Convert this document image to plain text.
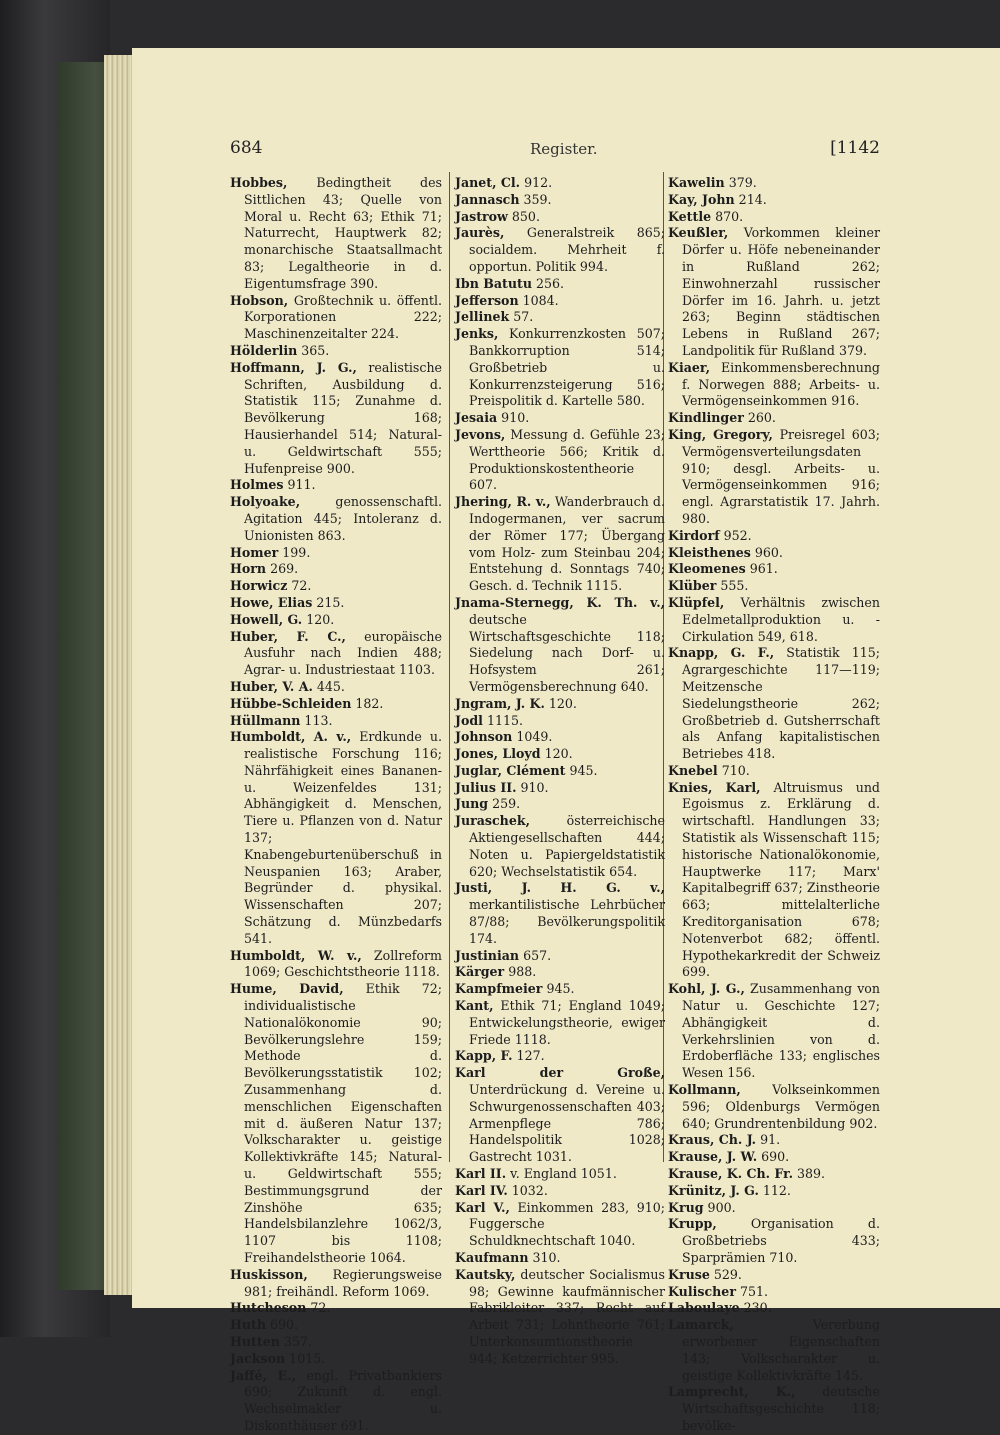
684	Register.	[1142
Hobbes, Bedingtheit des Sittlichen 43; Quelle von Moral u. Recht 63; Ethik 71; Naturrecht, Hauptwerk 82; monarchische Staatsallmacht 83; Legaltheorie in d. Eigentumsfrage 390.
Hobson, Großtechnik u. öffentl. Korporationen 222; Maschinenzeitalter 224.
Hölderlin 365.
Hoffmann, J. G., realistische Schriften, Ausbildung d. Statistik 115; Zunahme d. Bevölkerung 168; Hausierhandel 514; Natural- u. Geldwirtschaft 555; Hufenpreise 900.
Holmes 911.
Holyoake, genossenschaftl. Agitation 445; Intoleranz d. Unionisten 863.
Homer 199.
Horn 269.
Horwicz 72.
Howe, Elias 215.
Howell, G. 120.
Huber, F. C., europäische Ausfuhr nach Indien 488; Agrar- u. Industriestaat 1103.
Huber, V. A. 445.
Hübbe-Schleiden 182.
Hüllmann 113.
Humboldt, A. v., Erdkunde u. realistische Forschung 116; Nährfähigkeit eines Bananen- u. Weizenfeldes 131; Abhängigkeit d. Menschen, Tiere u. Pflanzen von d. Natur 137; Knabengeburtenüberschuß in Neuspanien 163; Araber, Begründer d. physikal. Wissenschaften 207; Schätzung d. Münzbedarfs 541.
Humboldt, W. v., Zollreform 1069; Geschichtstheorie 1118.
Hume, David, Ethik 72; individualistische Nationalökonomie 90; Bevölkerungslehre 159; Methode d. Bevölkerungsstatistik 102; Zusammenhang d. menschlichen Eigenschaften mit d. äußeren Natur 137; Volkscharakter u. geistige Kollektivkräfte 145; Natural- u. Geldwirtschaft 555; Bestimmungsgrund der Zinshöhe 635; Handelsbilanzlehre 1062/3, 1107 bis 1108; Freihandelstheorie 1064.
Huskisson, Regierungsweise 981; freihändl. Reform 1069.
Hutcheson 72.
Huth 690.
Hutten 357.
Jackson 1015.
Jaffé, E., engl. Privatbankiers 690; Zukunft d. engl. Wechselmakler u. Diskonthäuser 691.
Janet, Cl. 912.
Jannasch 359.
Jastrow 850.
Jaurès, Generalstreik 865; socialdem. Mehrheit f. opportun. Politik 994.
Ibn Batutu 256.
Jefferson 1084.
Jellinek 57.
Jenks, Konkurrenzkosten 507; Bankkorruption 514; Großbetrieb u. Konkurrenzsteigerung 516; Preispolitik d. Kartelle 580.
Jesaia 910.
Jevons, Messung d. Gefühle 23; Werttheorie 566; Kritik d. Produktionskostentheorie 607.
Jhering, R. v., Wanderbrauch d. Indogermanen, ver sacrum der Römer 177; Übergang vom Holz- zum Steinbau 204; Entstehung d. Sonntags 740; Gesch. d. Technik 1115.
Jnama-Sternegg, K. Th. v., deutsche Wirtschaftsgeschichte 118; Siedelung nach Dorf- u. Hofsystem 261; Vermögensberechnung 640.
Jngram, J. K. 120.
Jodl 1115.
Johnson 1049.
Jones, Lloyd 120.
Juglar, Clément 945.
Julius II. 910.
Jung 259.
Juraschek, österreichische Aktiengesellschaften 444; Noten u. Papiergeldstatistik 620; Wechselstatistik 654.
Justi, J. H. G. v., merkantilistische Lehrbücher 87/88; Bevölkerungspolitik 174.
Justinian 657.
Kärger 988.
Kampfmeier 945.
Kant, Ethik 71; England 1049; Entwickelungstheorie, ewiger Friede 1118.
Kapp, F. 127.
Karl der Große, Unterdrückung d. Vereine u. Schwurgenossenschaften 403; Armenpflege 786; Handelspolitik 1028; Gastrecht 1031.
Karl II. v. England 1051.
Karl IV. 1032.
Karl V., Einkommen 283, 910; Fuggersche Schuldknechtschaft 1040.
Kaufmann 310.
Kautsky, deutscher Socialismus 98; Gewinne kaufmännischer Fabrikleiter 337; Recht auf Arbeit 731; Lohntheorie 761; Unterkonsumtionstheorie 944; Ketzerrichter 995.
Kawelin 379.
Kay, John 214.
Kettle 870.
Keußler, Vorkommen kleiner Dörfer u. Höfe nebeneinander in Rußland 262; Einwohnerzahl russischer Dörfer im 16. Jahrh. u. jetzt 263; Beginn städtischen Lebens in Rußland 267; Landpolitik für Rußland 379.
Kiaer, Einkommensberechnung f. Norwegen 888; Arbeits- u. Vermögenseinkommen 916.
Kindlinger 260.
King, Gregory, Preisregel 603; Vermögensverteilungsdaten 910; desgl. Arbeits- u. Vermögenseinkommen 916; engl. Agrarstatistik 17. Jahrh. 980.
Kirdorf 952.
Kleisthenes 960.
Kleomenes 961.
Klüber 555.
Klüpfel, Verhältnis zwischen Edelmetallproduktion u. -Cirkulation 549, 618.
Knapp, G. F., Statistik 115; Agrargeschichte 117—119; Meitzensche Siedelungstheorie 262; Großbetrieb d. Gutsherrschaft als Anfang kapitalistischen Betriebes 418.
Knebel 710.
Knies, Karl, Altruismus und Egoismus z. Erklärung d. wirtschaftl. Handlungen 33; Statistik als Wissenschaft 115; historische Nationalökonomie, Hauptwerke 117; Marx' Kapitalbegriff 637; Zinstheorie 663; mittelalterliche Kreditorganisation 678; Notenverbot 682; öffentl. Hypothekarkredit der Schweiz 699.
Kohl, J. G., Zusammenhang von Natur u. Geschichte 127; Abhängigkeit d. Verkehrslinien von d. Erdoberfläche 133; englisches Wesen 156.
Kollmann, Volkseinkommen 596; Oldenburgs Vermögen 640; Grundrentenbildung 902.
Kraus, Ch. J. 91.
Krause, J. W. 690.
Krause, K. Ch. Fr. 389.
Krünitz, J. G. 112.
Krug 900.
Krupp, Organisation d. Großbetriebs 433; Sparprämien 710.
Kruse 529.
Kulischer 751.
Laboulaye 230.
Lamarck, Vererbung erworbener Eigenschaften 143; Volkscharakter u. geistige Kollektivkräfte 145.
Lamprecht, K., deutsche Wirtschaftsgeschichte 118; bevölke-
